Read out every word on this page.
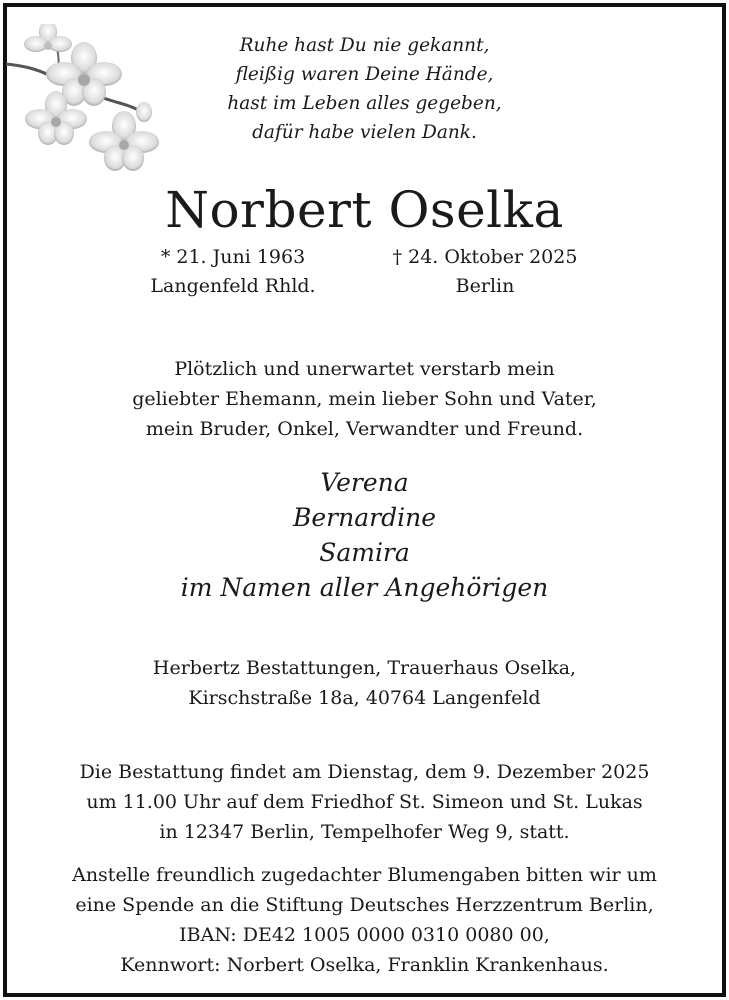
Ruhe hast Du nie gekannt,
fleißig waren Deine Hände,
hast im Leben alles gegeben,
dafür habe vielen Dank.
Norbert Oselka
* 21. Juni 1963
Langenfeld Rhld.
† 24. Oktober 2025
Berlin
Plötzlich und unerwartet verstarb mein
geliebter Ehemann, mein lieber Sohn und Vater,
mein Bruder, Onkel, Verwandter und Freund.
Verena
Bernardine
Samira
im Namen aller Angehörigen
Herbertz Bestattungen, Trauerhaus Oselka,
Kirschstraße 18a, 40764 Langenfeld
Die Bestattung findet am Dienstag, dem 9. Dezember 2025
um 11.00 Uhr auf dem Friedhof St. Simeon und St. Lukas
in 12347 Berlin, Tempelhofer Weg 9, statt.
Anstelle freundlich zugedachter Blumengaben bitten wir um
eine Spende an die Stiftung Deutsches Herzzentrum Berlin,
IBAN: DE42 1005 0000 0310 0080 00,
Kennwort: Norbert Oselka, Franklin Krankenhaus.
